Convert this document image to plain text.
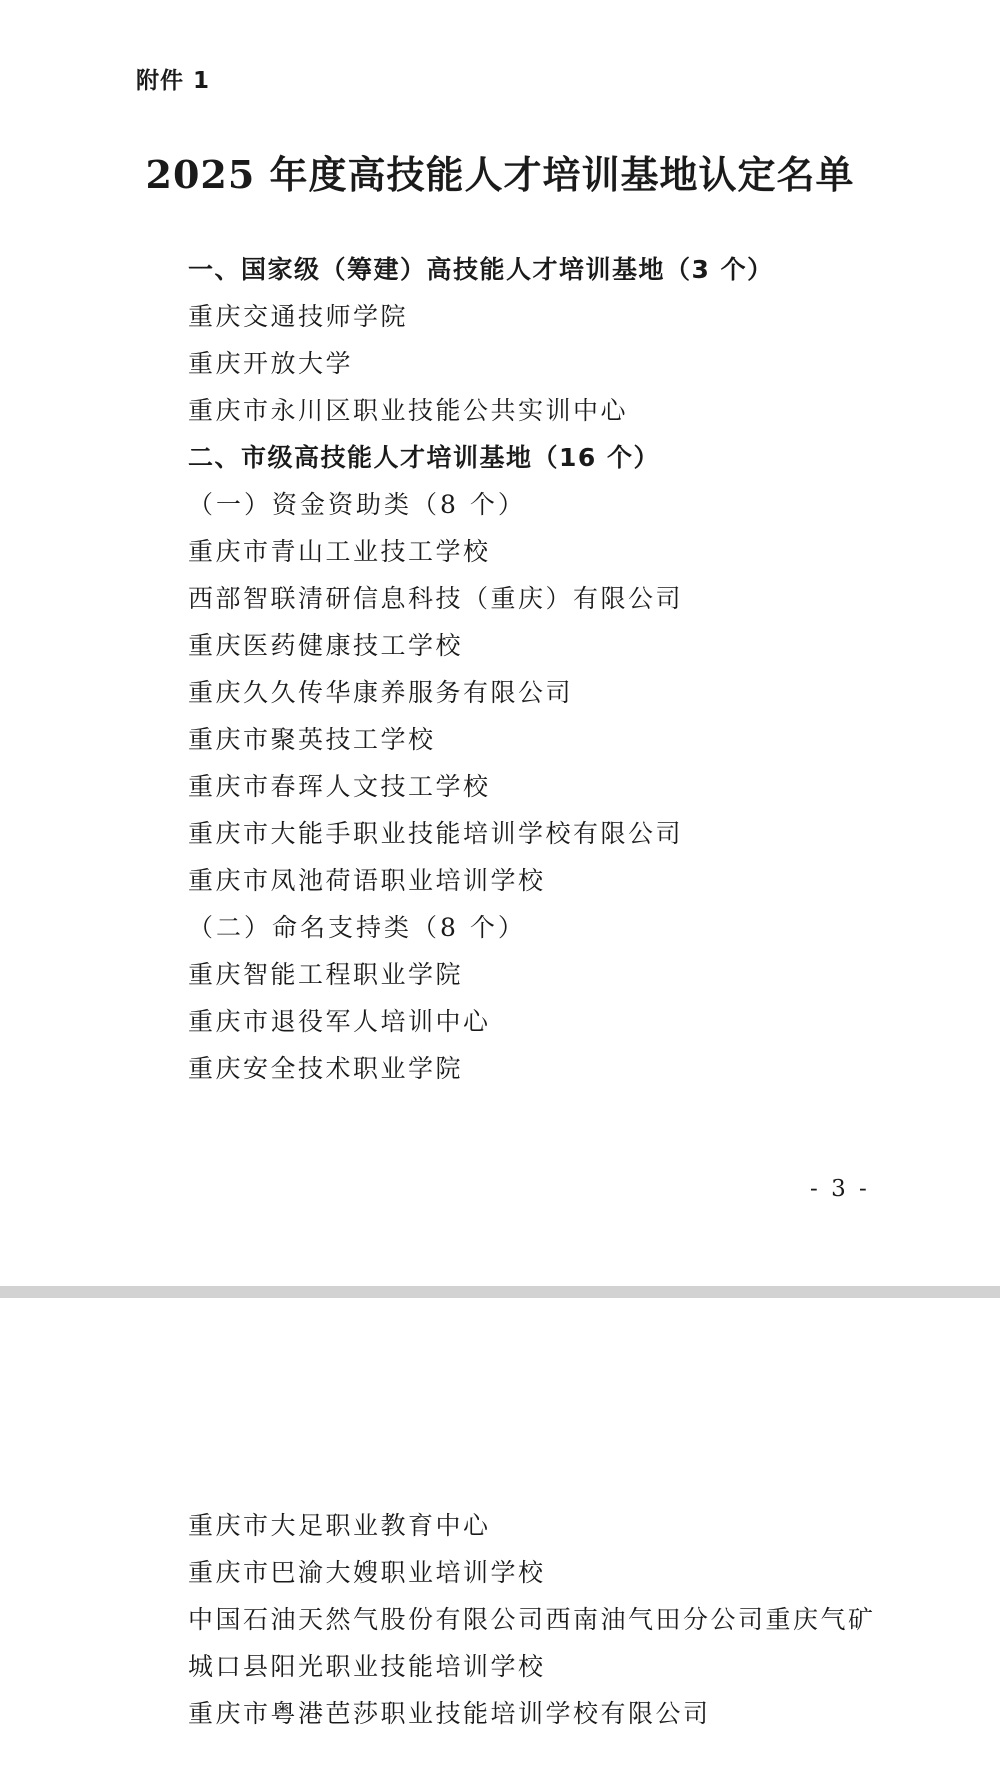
附件 1
2025 年度高技能人才培训基地认定名单
一、国家级（筹建）高技能人才培训基地（3 个）
重庆交通技师学院
重庆开放大学
重庆市永川区职业技能公共实训中心
二、市级高技能人才培训基地（16 个）
（一）资金资助类（8 个）
重庆市青山工业技工学校
西部智联清研信息科技（重庆）有限公司
重庆医药健康技工学校
重庆久久传华康养服务有限公司
重庆市聚英技工学校
重庆市春珲人文技工学校
重庆市大能手职业技能培训学校有限公司
重庆市凤池荷语职业培训学校
（二）命名支持类（8 个）
重庆智能工程职业学院
重庆市退役军人培训中心
重庆安全技术职业学院
- 3 -
重庆市大足职业教育中心
重庆市巴渝大嫂职业培训学校
中国石油天然气股份有限公司西南油气田分公司重庆气矿
城口县阳光职业技能培训学校
重庆市粤港芭莎职业技能培训学校有限公司
